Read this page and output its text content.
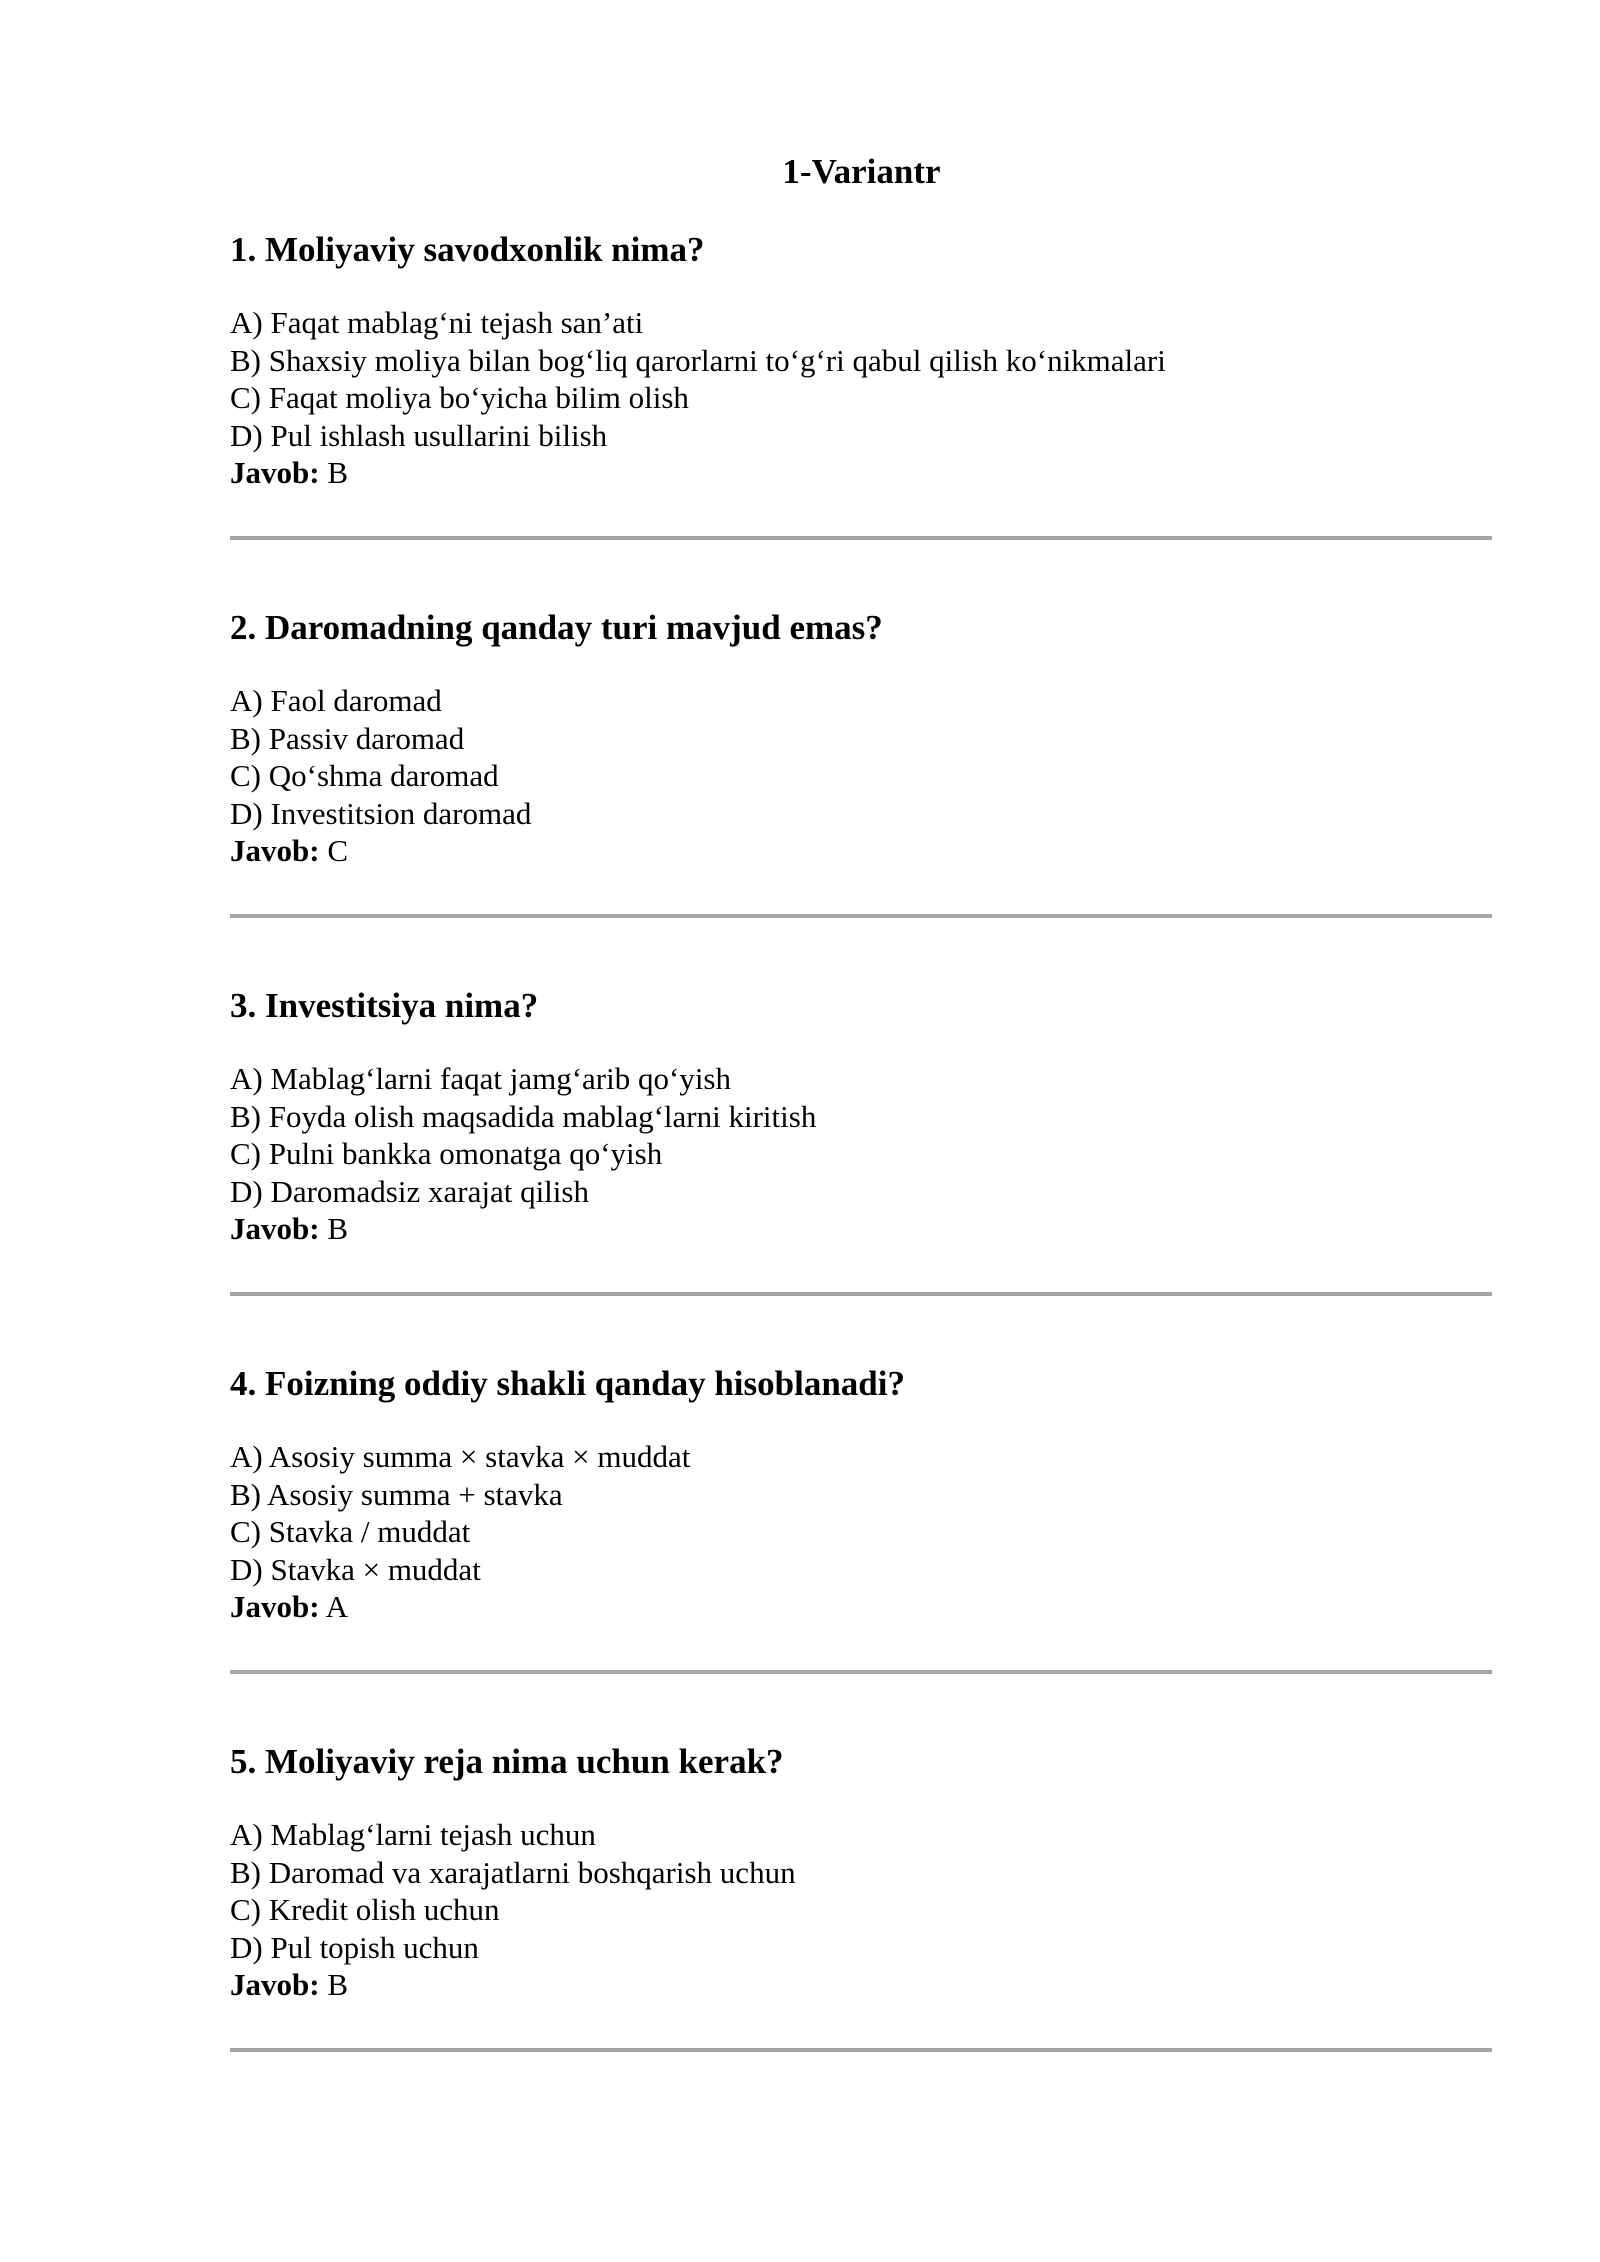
1-Variantr
1. Moliyaviy savodxonlik nima?
A) Faqat mablag‘ni tejash san’ati
B) Shaxsiy moliya bilan bog‘liq qarorlarni to‘g‘ri qabul qilish ko‘nikmalari
C) Faqat moliya bo‘yicha bilim olish
D) Pul ishlash usullarini bilish
Javob: B
2. Daromadning qanday turi mavjud emas?
A) Faol daromad
B) Passiv daromad
C) Qo‘shma daromad
D) Investitsion daromad
Javob: C
3. Investitsiya nima?
A) Mablag‘larni faqat jamg‘arib qo‘yish
B) Foyda olish maqsadida mablag‘larni kiritish
C) Pulni bankka omonatga qo‘yish
D) Daromadsiz xarajat qilish
Javob: B
4. Foizning oddiy shakli qanday hisoblanadi?
A) Asosiy summa × stavka × muddat
B) Asosiy summa + stavka
C) Stavka / muddat
D) Stavka × muddat
Javob: A
5. Moliyaviy reja nima uchun kerak?
A) Mablag‘larni tejash uchun
B) Daromad va xarajatlarni boshqarish uchun
C) Kredit olish uchun
D) Pul topish uchun
Javob: B
